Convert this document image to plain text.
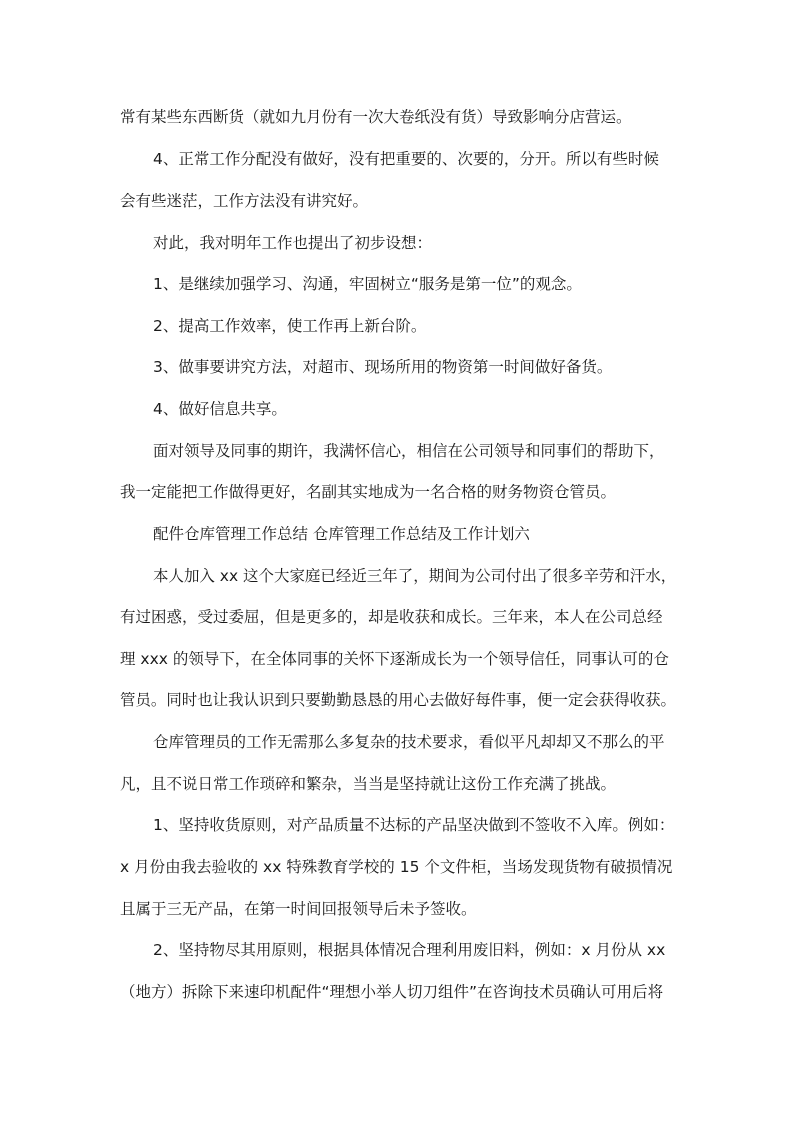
常有某些东西断货（就如九月份有一次大卷纸没有货）导致影响分店营运。
4、正常工作分配没有做好，没有把重要的、次要的，分开。所以有些时候
会有些迷茫，工作方法没有讲究好。
对此，我对明年工作也提出了初步设想：
1、是继续加强学习、沟通，牢固树立“服务是第一位”的观念。
2、提高工作效率，使工作再上新台阶。
3、做事要讲究方法，对超市、现场所用的物资第一时间做好备货。
4、做好信息共享。
面对领导及同事的期许，我满怀信心，相信在公司领导和同事们的帮助下，
我一定能把工作做得更好，名副其实地成为一名合格的财务物资仓管员。
配件仓库管理工作总结 仓库管理工作总结及工作计划六
本人加入 xx 这个大家庭已经近三年了，期间为公司付出了很多辛劳和汗水，
有过困惑，受过委屈，但是更多的，却是收获和成长。三年来，本人在公司总经
理 xxx 的领导下，在全体同事的关怀下逐渐成长为一个领导信任，同事认可的仓
管员。同时也让我认识到只要勤勤恳恳的用心去做好每件事，便一定会获得收获。
仓库管理员的工作无需那么多复杂的技术要求，看似平凡却却又不那么的平
凡，且不说日常工作琐碎和繁杂，当当是坚持就让这份工作充满了挑战。
1、坚持收货原则，对产品质量不达标的产品坚决做到不签收不入库。例如：
x 月份由我去验收的 xx 特殊教育学校的 15 个文件柜，当场发现货物有破损情况
且属于三无产品，在第一时间回报领导后未予签收。
2、坚持物尽其用原则，根据具体情况合理利用废旧料，例如：x 月份从 xx
（地方）拆除下来速印机配件“理想小举人切刀组件”在咨询技术员确认可用后将
